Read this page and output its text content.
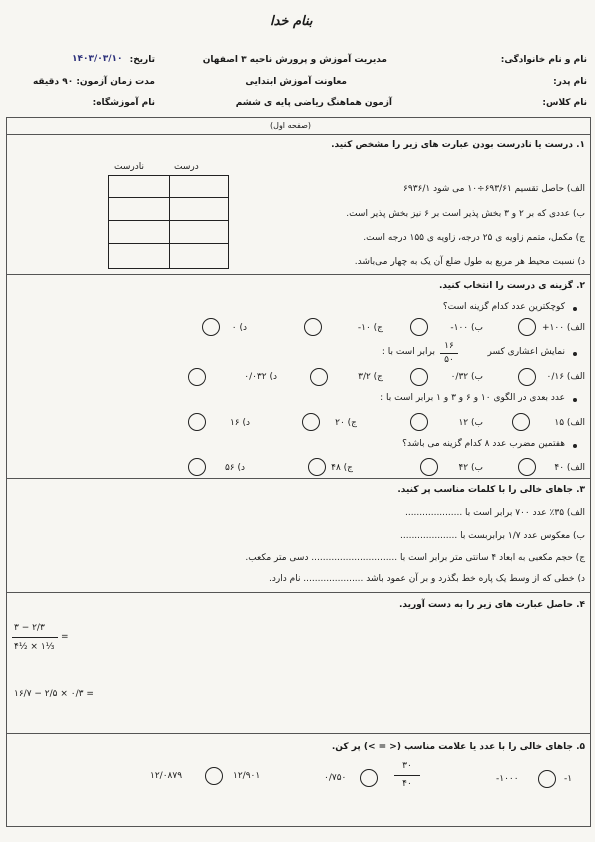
بنام خدا
نام و نام خانوادگی:
نام پدر:
نام کلاس:
مدیریت آموزش و پرورش ناحیه ۳ اصفهان
معاونت آموزش ابتدایی
آزمون هماهنگ ریاضی پایه ی ششم
تاریخ:
۱۴۰۳/۰۳/۱۰
مدت زمان آزمون: ۹۰ دقیقه
نام آموزشگاه:
(صفحه اول)
۱. درست یا نادرست بودن عبارت های زیر را مشخص کنید.
درست
نادرست
الف) حاصل تقسیم ۶۹۳/۶۱÷۱۰ می شود ۶۹۳۶/۱
ب) عددی که بر ۲ و ۳ بخش پذیر است بر ۶ نیز بخش پذیر است.
ج) مکمل، متمم زاویه ی ۲۵ درجه، زاویه ی ۱۵۵ درجه است.
د) نسبت محیط هر مربع به طول ضلع آن یک به چهار می‌باشد.
۲. گزینه ی درست را انتخاب کنید.
کوچکترین عدد کدام گزینه است؟
الف) ۱۰۰+
ب) ۱۰۰-
ج) ۱۰-
د) ۰
نمایش اعشاری کسر
۱۶
۵۰
برابر است با :
الف) ۰/۱۶
ب) ۰/۳۲
ج) ۳/۲
د) ۰/۰۳۲
عدد بعدی در الگوی ۱۰ و ۶ و ۳ و ۱ برابر است با :
الف) ۱۵
ب) ۱۲
ج) ۲۰
د) ۱۶
هفتمین مضرب عدد ۸ کدام گزینه می باشد؟
الف) ۴۰
ب) ۴۲
ج) ۴۸
د) ۵۶
۳. جاهای خالی را با کلمات مناسب پر کنید.
الف) ۳۵٪ عدد ۷۰۰ برابر است با ....................
ب) معکوس عدد ۱/۷ برابربست با ....................
ج) حجم مکعبی به ابعاد ۴ سانتی متر برابر است با .............................. دسی متر مکعب.
د) خطی که از وسط یک پاره خط بگذرد و بر آن عمود باشد ..................... نام دارد.
۴. حاصل عبارت های زیر را به دست آورید.
۳ − ۲/۳
۴½ × ۱⅓
=
۱۶/۷ − ۲/۵ × ۰/۳ =
۵. جاهای خالی را با عدد یا علامت مناسب (< = >) پر کن.
-۱
-۱۰۰۰
۳۰
۴۰
۰/۷۵۰
۱۲/۹۰۱
۱۲/۰۸۷۹
